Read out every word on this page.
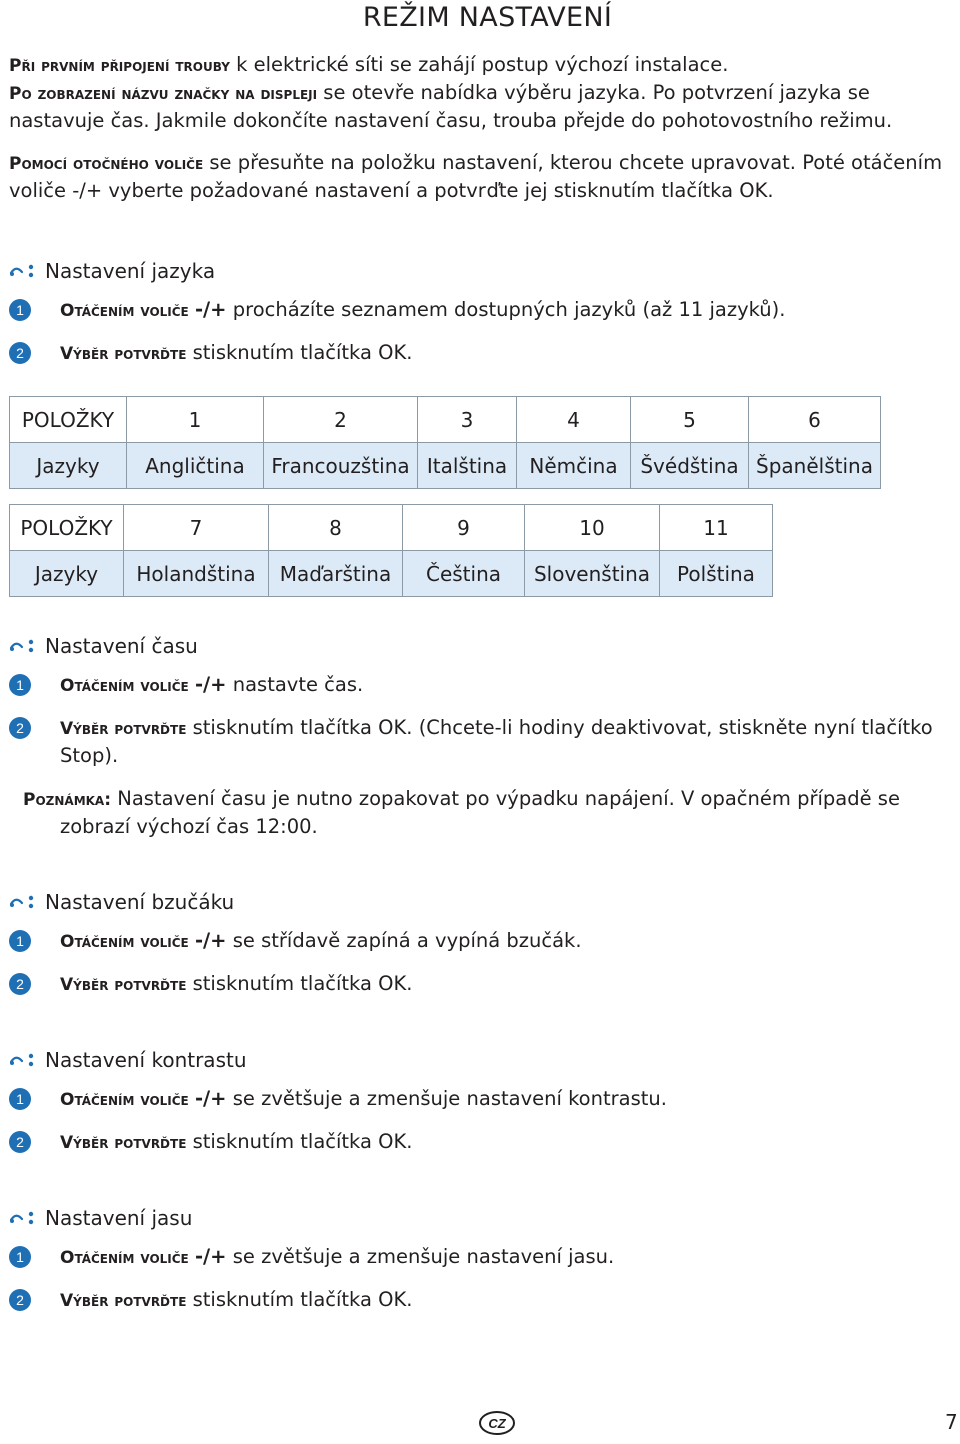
REŽIM NASTAVENÍ
Při prvním připojení trouby k elektrické síti se zahájí postup výchozí instalace.
Po zobrazení názvu značky na displeji se otevře nabídka výběru jazyka. Po potvrzení jazyka se
nastavuje čas. Jakmile dokončíte nastavení času, trouba přejde do pohotovostního režimu.
Pomocí otočného voliče se přesuňte na položku nastavení, kterou chcete upravovat. Poté otáčením
voliče -/+ vyberte požadované nastavení a potvrďte jej stisknutím tlačítka OK.
Nastavení jazyka
1 Otáčením voliče -/+ procházíte seznamem dostupných jazyků (až 11 jazyků).
2 Výběr potvrďte stisknutím tlačítka OK.
POLOŽKY	1	2	3	4	5	6
Jazyky	Angličtina	Francouzština	Italština	Němčina	Švédština	Španělština
POLOŽKY	7	8	9	10	11
Jazyky	Holandština	Maďarština	Čeština	Slovenština	Polština
Nastavení času
1 Otáčením voliče -/+ nastavte čas.
2 Výběr potvrďte stisknutím tlačítka OK. (Chcete-li hodiny deaktivovat, stiskněte nyní tlačítko
Stop).
Poznámka: Nastavení času je nutno zopakovat po výpadku napájení. V opačném případě se
zobrazí výchozí čas 12:00.
Nastavení bzučáku
1 Otáčením voliče -/+ se střídavě zapíná a vypíná bzučák.
2 Výběr potvrďte stisknutím tlačítka OK.
Nastavení kontrastu
1 Otáčením voliče -/+ se zvětšuje a zmenšuje nastavení kontrastu.
2 Výběr potvrďte stisknutím tlačítka OK.
Nastavení jasu
1 Otáčením voliče -/+ se zvětšuje a zmenšuje nastavení jasu.
2 Výběr potvrďte stisknutím tlačítka OK.
CZ	7
